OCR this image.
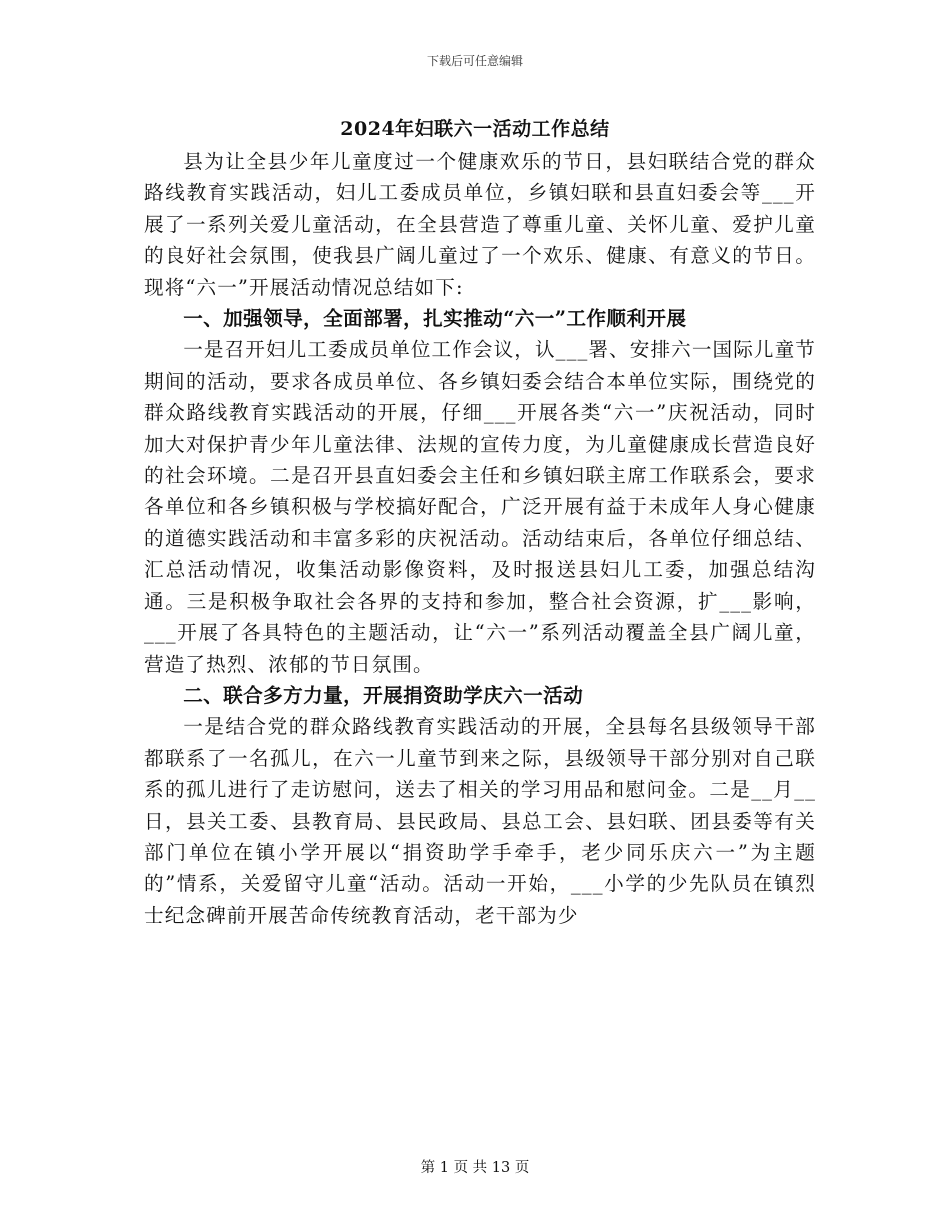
下载后可任意编辑
2024年妇联六一活动工作总结

县为让全县少年儿童度过一个健康欢乐的节日，县妇联结合党的群众路线教育实践活动，妇儿工委成员单位，乡镇妇联和县直妇委会等___开展了一系列关爱儿童活动，在全县营造了尊重儿童、关怀儿童、爱护儿童的良好社会氛围，使我县广阔儿童过了一个欢乐、健康、有意义的节日。现将“六一”开展活动情况总结如下:

一、加强领导，全面部署，扎实推动“六一”工作顺利开展

一是召开妇儿工委成员单位工作会议，认___署、安排六一国际儿童节期间的活动，要求各成员单位、各乡镇妇委会结合本单位实际，围绕党的群众路线教育实践活动的开展，仔细___开展各类“六一”庆祝活动，同时加大对保护青少年儿童法律、法规的宣传力度，为儿童健康成长营造良好的社会环境。二是召开县直妇委会主任和乡镇妇联主席工作联系会，要求各单位和各乡镇积极与学校搞好配合，广泛开展有益于未成年人身心健康的道德实践活动和丰富多彩的庆祝活动。活动结束后，各单位仔细总结、汇总活动情况，收集活动影像资料，及时报送县妇儿工委，加强总结沟通。三是积极争取社会各界的支持和参加，整合社会资源，扩___影响，___开展了各具特色的主题活动，让“六一”系列活动覆盖全县广阔儿童，营造了热烈、浓郁的节日氛围。

二、联合多方力量，开展捐资助学庆六一活动

一是结合党的群众路线教育实践活动的开展，全县每名县级领导干部都联系了一名孤儿，在六一儿童节到来之际，县级领导干部分别对自己联系的孤儿进行了走访慰问，送去了相关的学习用品和慰问金。二是__月__日，县关工委、县教育局、县民政局、县总工会、县妇联、团县委等有关部门单位在镇小学开展以“捐资助学手牵手，老少同乐庆六一”为主题的”情系，关爱留守儿童“活动。活动一开始，___小学的少先队员在镇烈士纪念碑前开展苦命传统教育活动，老干部为少

第 1 页 共 13 页
